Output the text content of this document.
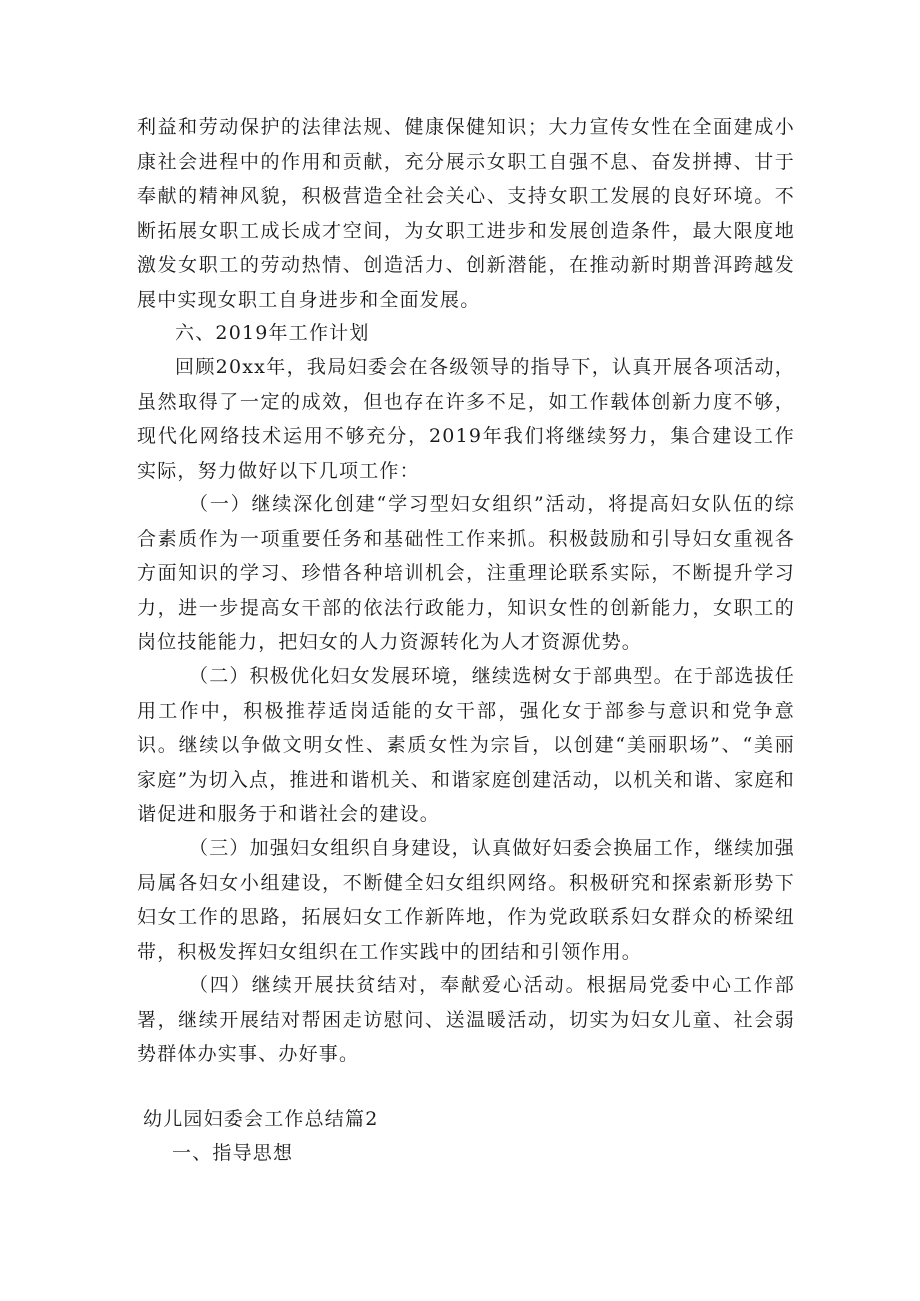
利益和劳动保护的法律法规、健康保健知识；大力宣传女性在全面建成小康社会进程中的作用和贡献，充分展示女职工自强不息、奋发拼搏、甘于奉献的精神风貌，积极营造全社会关心、支持女职工发展的良好环境。不断拓展女职工成长成才空间，为女职工进步和发展创造条件，最大限度地激发女职工的劳动热情、创造活力、创新潜能，在推动新时期普洱跨越发展中实现女职工自身进步和全面发展。

六、2019年工作计划

回顾20xx年，我局妇委会在各级领导的指导下，认真开展各项活动，虽然取得了一定的成效，但也存在许多不足，如工作载体创新力度不够，现代化网络技术运用不够充分，2019年我们将继续努力，集合建设工作实际，努力做好以下几项工作：

（一）继续深化创建“学习型妇女组织”活动，将提高妇女队伍的综合素质作为一项重要任务和基础性工作来抓。积极鼓励和引导妇女重视各方面知识的学习、珍惜各种培训机会，注重理论联系实际，不断提升学习力，进一步提高女干部的依法行政能力，知识女性的创新能力，女职工的岗位技能能力，把妇女的人力资源转化为人才资源优势。

（二）积极优化妇女发展环境，继续选树女于部典型。在于部选拔任用工作中，积极推荐适岗适能的女干部，强化女于部参与意识和党争意识。继续以争做文明女性、素质女性为宗旨，以创建“美丽职场”、“美丽家庭”为切入点，推进和谐机关、和谐家庭创建活动，以机关和谐、家庭和谐促进和服务于和谐社会的建设。

（三）加强妇女组织自身建设，认真做好妇委会换届工作，继续加强局属各妇女小组建设，不断健全妇女组织网络。积极研究和探索新形势下妇女工作的思路，拓展妇女工作新阵地，作为党政联系妇女群众的桥梁纽带，积极发挥妇女组织在工作实践中的团结和引领作用。

（四）继续开展扶贫结对，奉献爱心活动。根据局党委中心工作部署，继续开展结对帮困走访慰问、送温暖活动，切实为妇女儿童、社会弱势群体办实事、办好事。

幼儿园妇委会工作总结篇2

一、指导思想
